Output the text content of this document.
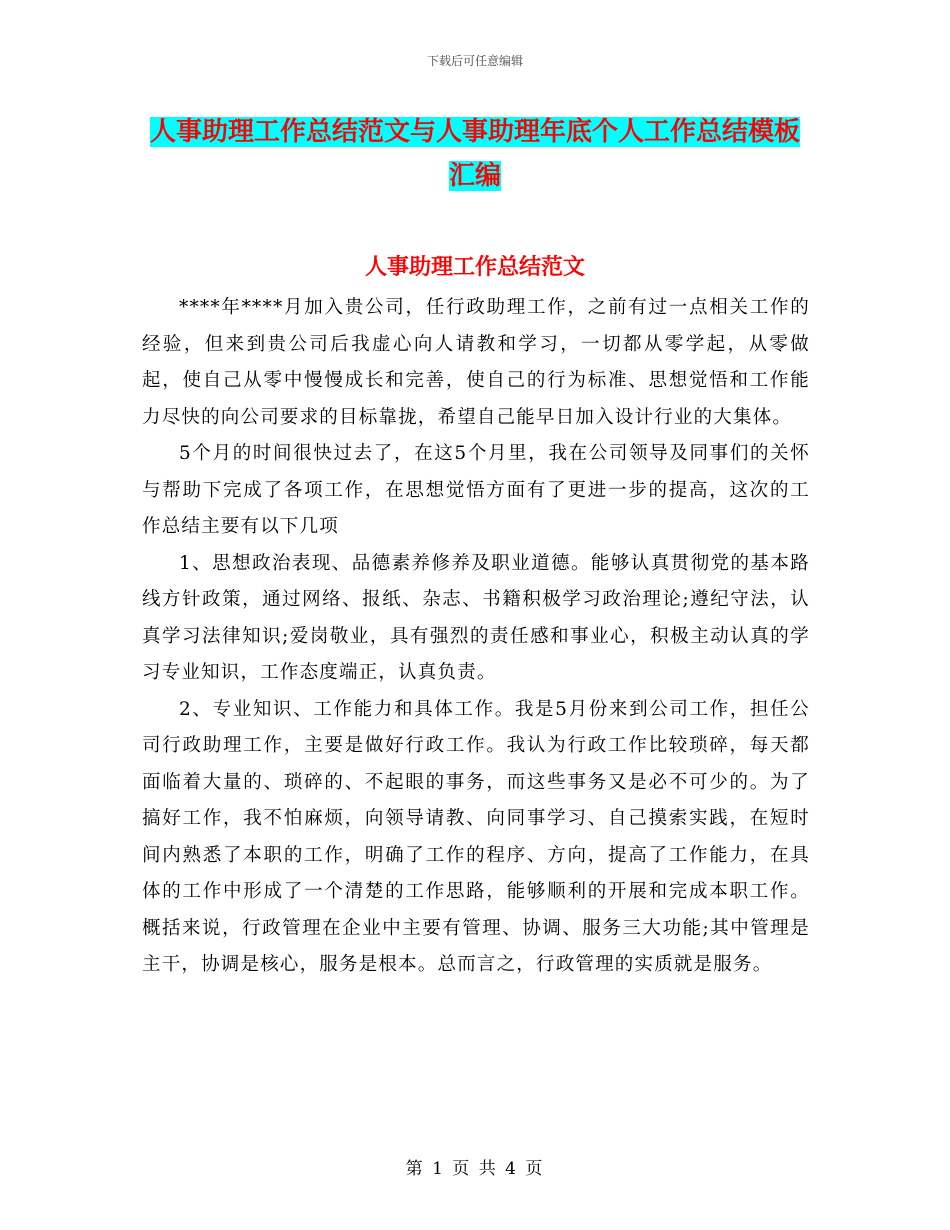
下载后可任意编辑
人事助理工作总结范文与人事助理年底个人工作总结模板汇编
人事助理工作总结范文

****年****月加入贵公司，任行政助理工作，之前有过一点相关工作的经验，但来到贵公司后我虚心向人请教和学习，一切都从零学起，从零做起，使自己从零中慢慢成长和完善，使自己的行为标准、思想觉悟和工作能力尽快的向公司要求的目标靠拢，希望自己能早日加入设计行业的大集体。

5个月的时间很快过去了，在这5个月里，我在公司领导及同事们的关怀与帮助下完成了各项工作，在思想觉悟方面有了更进一步的提高，这次的工作总结主要有以下几项

1、思想政治表现、品德素养修养及职业道德。能够认真贯彻党的基本路线方针政策，通过网络、报纸、杂志、书籍积极学习政治理论;遵纪守法，认真学习法律知识;爱岗敬业，具有强烈的责任感和事业心，积极主动认真的学习专业知识，工作态度端正，认真负责。

2、专业知识、工作能力和具体工作。我是5月份来到公司工作，担任公司行政助理工作，主要是做好行政工作。我认为行政工作比较琐碎，每天都面临着大量的、琐碎的、不起眼的事务，而这些事务又是必不可少的。为了搞好工作，我不怕麻烦，向领导请教、向同事学习、自己摸索实践，在短时间内熟悉了本职的工作，明确了工作的程序、方向，提高了工作能力，在具体的工作中形成了一个清楚的工作思路，能够顺利的开展和完成本职工作。概括来说，行政管理在企业中主要有管理、协调、服务三大功能;其中管理是主干，协调是核心，服务是根本。总而言之，行政管理的实质就是服务。

第 1 页 共 4 页
